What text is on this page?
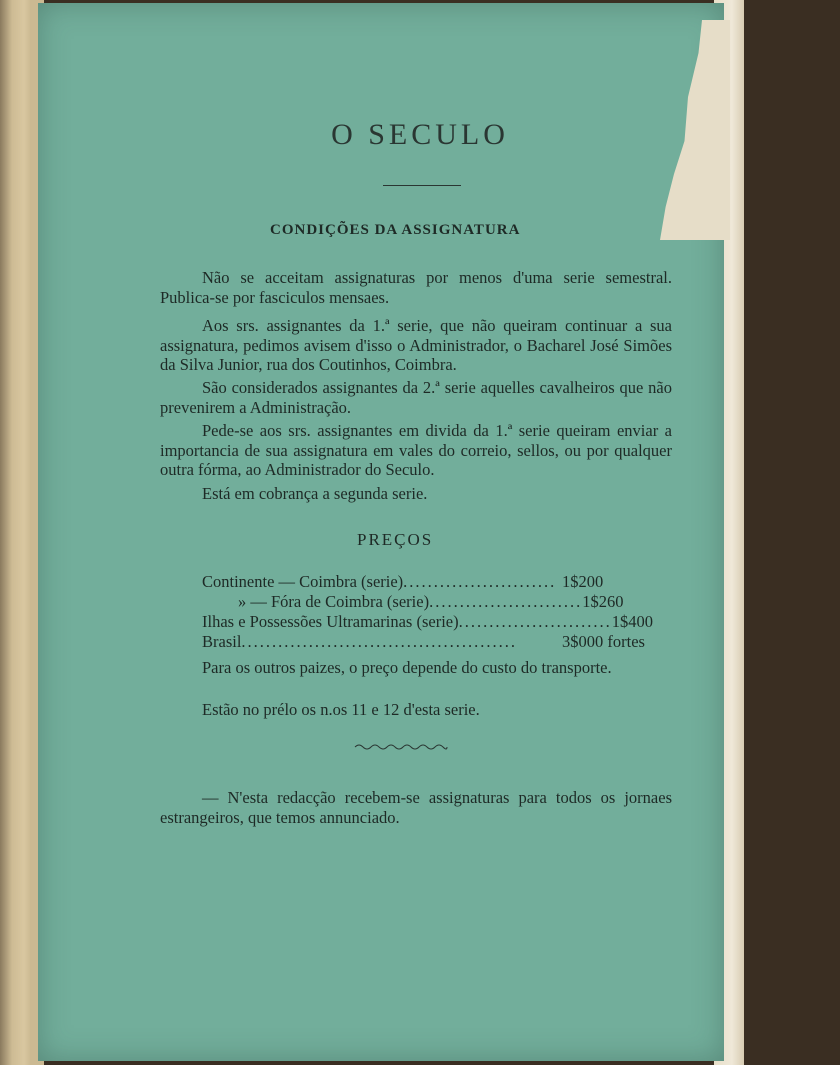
O SECULO
CONDIÇÕES DA ASSIGNATURA

Não se acceitam assignaturas por menos d'uma serie semestral. Publica-se por fasciculos mensaes.

Aos srs. assignantes da 1.ª serie, que não queiram continuar a sua assignatura, pedimos avisem d'isso o Administrador, o Bacharel José Simões da Silva Junior, rua dos Coutinhos, Coimbra.

São considerados assignantes da 2.ª serie aquelles cavalheiros que não prevenirem a Administração.

Pede-se aos srs. assignantes em divida da 1.ª serie queiram enviar a importancia de sua assignatura em vales do correio, sellos, ou por qualquer outra fórma, ao Administrador do Seculo.

Está em cobrança a segunda serie.

PREÇOS
Continente — Coimbra (serie) ......................... 1$200
» — Fóra de Coimbra (serie) ......................... 1$260
Ilhas e Possessões Ultramarinas (serie) ......................... 1$400
Brasil .............................................	3$000 fortes

Para os outros paizes, o preço depende do custo do transporte.

Estão no prélo os n.os 11 e 12 d'esta serie.

— N'esta redacção recebem-se assignaturas para todos os jornaes estrangeiros, que temos annunciado.
